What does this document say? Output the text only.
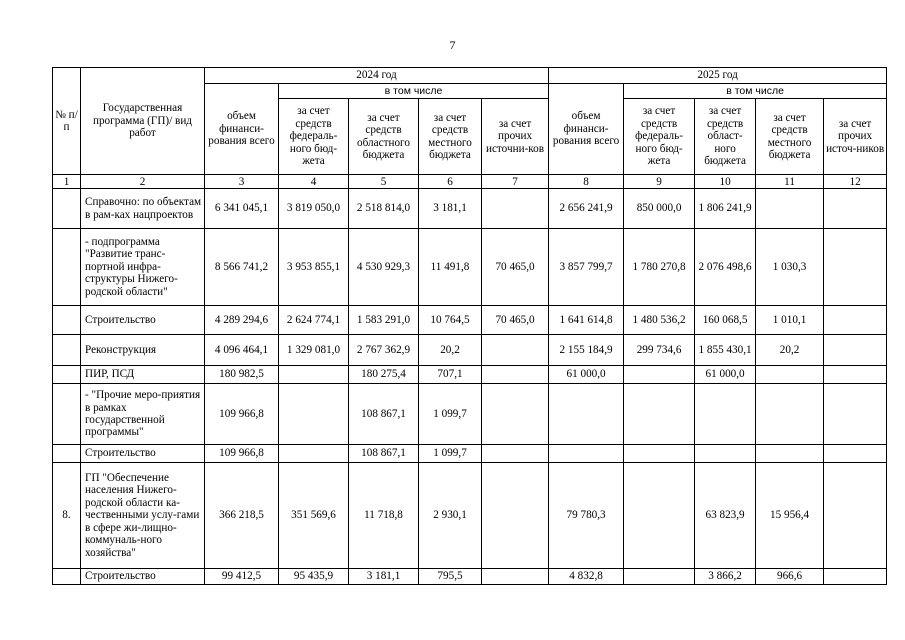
7
№ п/п	Государственная программа (ГП)/ вид работ	2024 год					2025 год				
		объем финанси-рования всего	в том числе				объем финанси-рования всего	в том числе			
			за счет средств федераль-ного бюд-жета	за счет средств областного бюджета	за счет средств местного бюджета	за счет прочих источни-ков		за счет средств федераль-ного бюд-жета	за счет средств област-ного бюджета	за счет средств местного бюджета	за счет прочих источ-ников
1	2	3	4	5	6	7	8	9	10	11	12
	Справочно: по объектам в рам-ках нацпроектов	6 341 045,1	3 819 050,0	2 518 814,0	3 181,1		2 656 241,9	850 000,0	1 806 241,9		
	- подпрограмма "Развитие транс-портной инфра-структуры Нижего-родской области"	8 566 741,2	3 953 855,1	4 530 929,3	11 491,8	70 465,0	3 857 799,7	1 780 270,8	2 076 498,6	1 030,3	
	Строительство	4 289 294,6	2 624 774,1	1 583 291,0	10 764,5	70 465,0	1 641 614,8	1 480 536,2	160 068,5	1 010,1	
	Реконструкция	4 096 464,1	1 329 081,0	2 767 362,9	20,2		2 155 184,9	299 734,6	1 855 430,1	20,2	
	ПИР, ПСД	180 982,5		180 275,4	707,1		61 000,0		61 000,0		
	- "Прочие меро-приятия в рамках государственной программы"	109 966,8		108 867,1	1 099,7						
	Строительство	109 966,8		108 867,1	1 099,7						
8.	ГП "Обеспечение населения Нижего-родской области ка-чественными услу-гами в сфере жи-лищно-коммуналь-ного хозяйства"	366 218,5	351 569,6	11 718,8	2 930,1		79 780,3		63 823,9	15 956,4	
	Строительство	99 412,5	95 435,9	3 181,1	795,5		4 832,8		3 866,2	966,6	
